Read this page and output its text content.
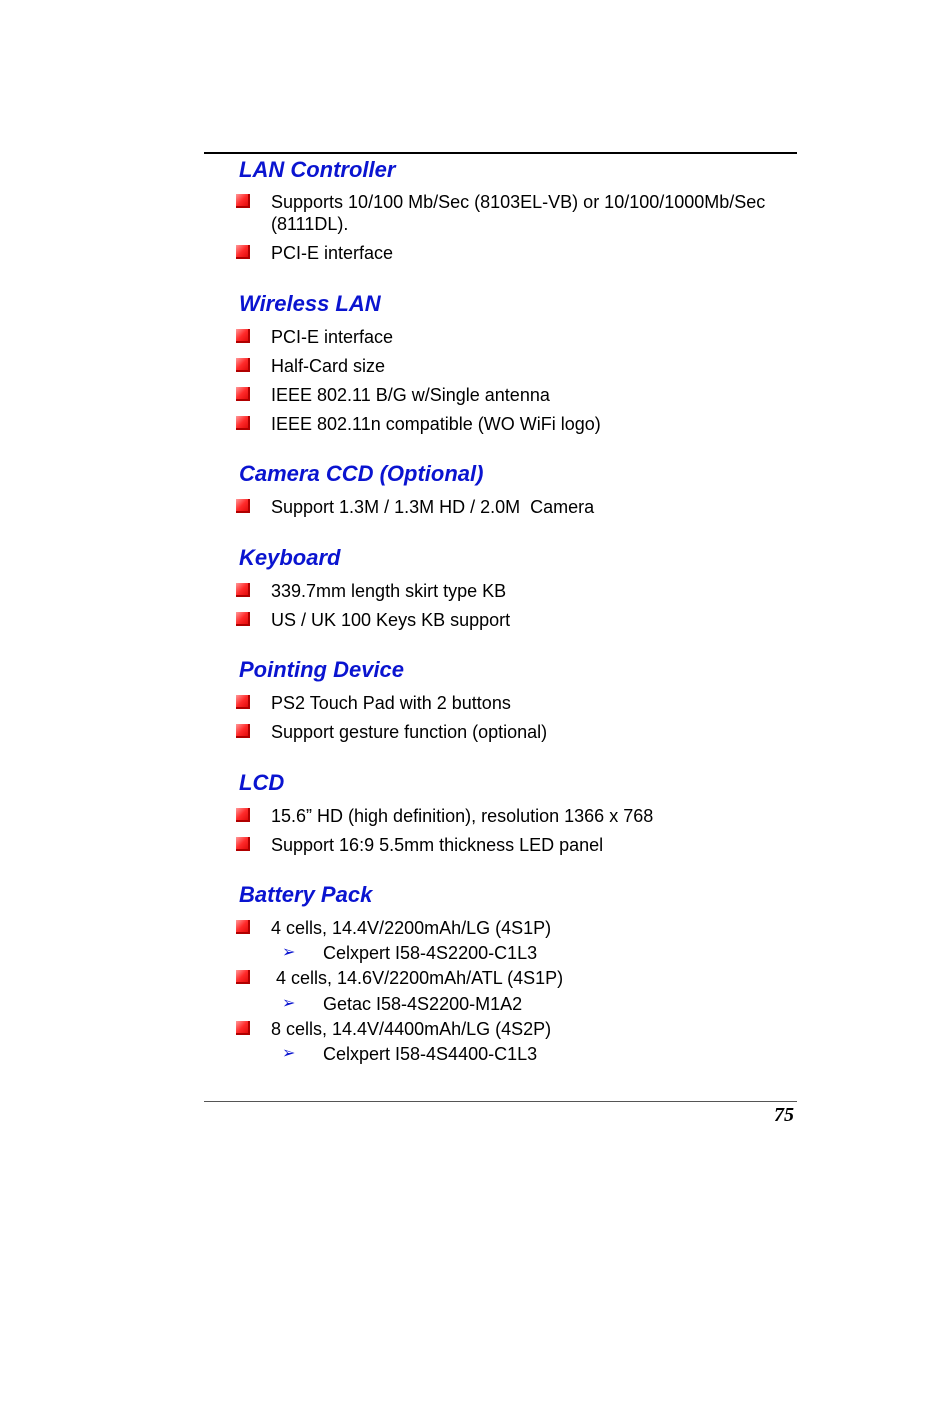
LAN Controller
Supports 10/100 Mb/Sec (8103EL-VB) or 10/100/1000Mb/Sec (8111DL).
PCI-E interface
Wireless LAN
PCI-E interface
Half-Card size
IEEE 802.11 B/G w/Single antenna
IEEE 802.11n compatible (WO WiFi logo)
Camera CCD (Optional)
Support 1.3M / 1.3M HD / 2.0M  Camera
Keyboard
339.7mm length skirt type KB
US / UK 100 Keys KB support
Pointing Device
PS2 Touch Pad with 2 buttons
Support gesture function (optional)
LCD
15.6” HD (high definition), resolution 1366 x 768
Support 16:9 5.5mm thickness LED panel
Battery Pack
4 cells, 14.4V/2200mAh/LG (4S1P)
➢ Celxpert I58-4S2200-C1L3
4 cells, 14.6V/2200mAh/ATL (4S1P)
➢ Getac I58-4S2200-M1A2
8 cells, 14.4V/4400mAh/LG (4S2P)
➢ Celxpert I58-4S4400-C1L3
75
